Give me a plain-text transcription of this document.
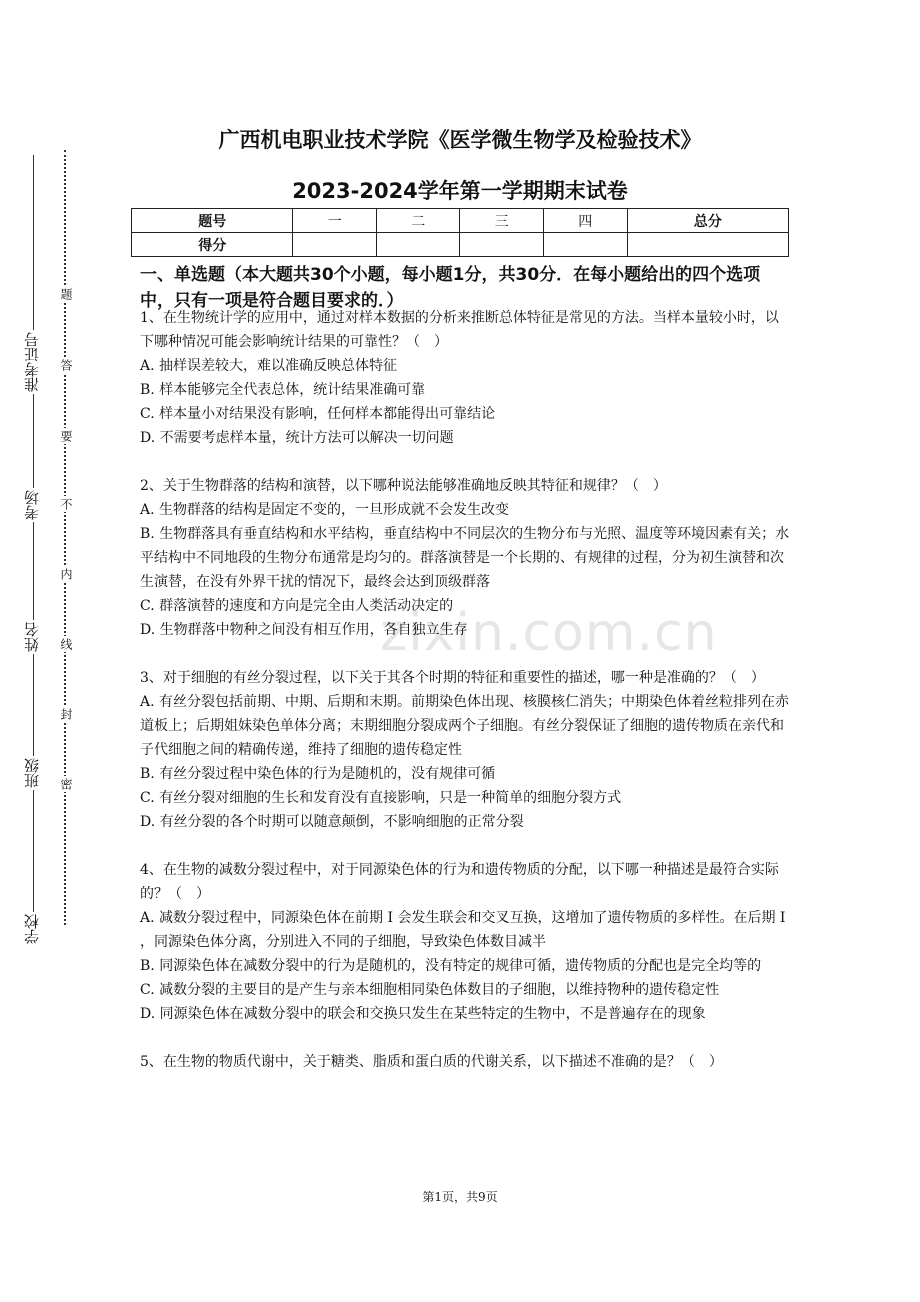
zixin.com.cn
准考证号
考场
姓名
班级
学校
题
答
要
不
内
线
封
密
广西机电职业技术学院《医学微生物学及检验技术》
2023-2024学年第一学期期末试卷
题号	一	二	三	四	总分
得分					
一、单选题（本大题共30个小题，每小题1分，共30分．在每小题给出的四个选项中，只有一项是符合题目要求的．）

1、在生物统计学的应用中，通过对样本数据的分析来推断总体特征是常见的方法。当样本量较小时，以下哪种情况可能会影响统计结果的可靠性？（　）

A. 抽样误差较大，难以准确反映总体特征

B. 样本能够完全代表总体，统计结果准确可靠

C. 样本量小对结果没有影响，任何样本都能得出可靠结论

D. 不需要考虑样本量，统计方法可以解决一切问题

2、关于生物群落的结构和演替，以下哪种说法能够准确地反映其特征和规律？（　）

A. 生物群落的结构是固定不变的，一旦形成就不会发生改变

B. 生物群落具有垂直结构和水平结构，垂直结构中不同层次的生物分布与光照、温度等环境因素有关；水平结构中不同地段的生物分布通常是均匀的。群落演替是一个长期的、有规律的过程，分为初生演替和次生演替，在没有外界干扰的情况下，最终会达到顶级群落

C. 群落演替的速度和方向是完全由人类活动决定的

D. 生物群落中物种之间没有相互作用，各自独立生存

3、对于细胞的有丝分裂过程，以下关于其各个时期的特征和重要性的描述，哪一种是准确的？（　）

A. 有丝分裂包括前期、中期、后期和末期。前期染色体出现、核膜核仁消失；中期染色体着丝粒排列在赤道板上；后期姐妹染色单体分离；末期细胞分裂成两个子细胞。有丝分裂保证了细胞的遗传物质在亲代和子代细胞之间的精确传递，维持了细胞的遗传稳定性

B. 有丝分裂过程中染色体的行为是随机的，没有规律可循

C. 有丝分裂对细胞的生长和发育没有直接影响，只是一种简单的细胞分裂方式

D. 有丝分裂的各个时期可以随意颠倒，不影响细胞的正常分裂

4、在生物的减数分裂过程中，对于同源染色体的行为和遗传物质的分配，以下哪一种描述是最符合实际的？（　）

A. 减数分裂过程中，同源染色体在前期 Ⅰ 会发生联会和交叉互换，这增加了遗传物质的多样性。在后期 Ⅰ ，同源染色体分离，分别进入不同的子细胞，导致染色体数目减半

B. 同源染色体在减数分裂中的行为是随机的，没有特定的规律可循，遗传物质的分配也是完全均等的

C. 减数分裂的主要目的是产生与亲本细胞相同染色体数目的子细胞，以维持物种的遗传稳定性

D. 同源染色体在减数分裂中的联会和交换只发生在某些特定的生物中，不是普遍存在的现象

5、在生物的物质代谢中，关于糖类、脂质和蛋白质的代谢关系，以下描述不准确的是？（　）

第1页，共9页
